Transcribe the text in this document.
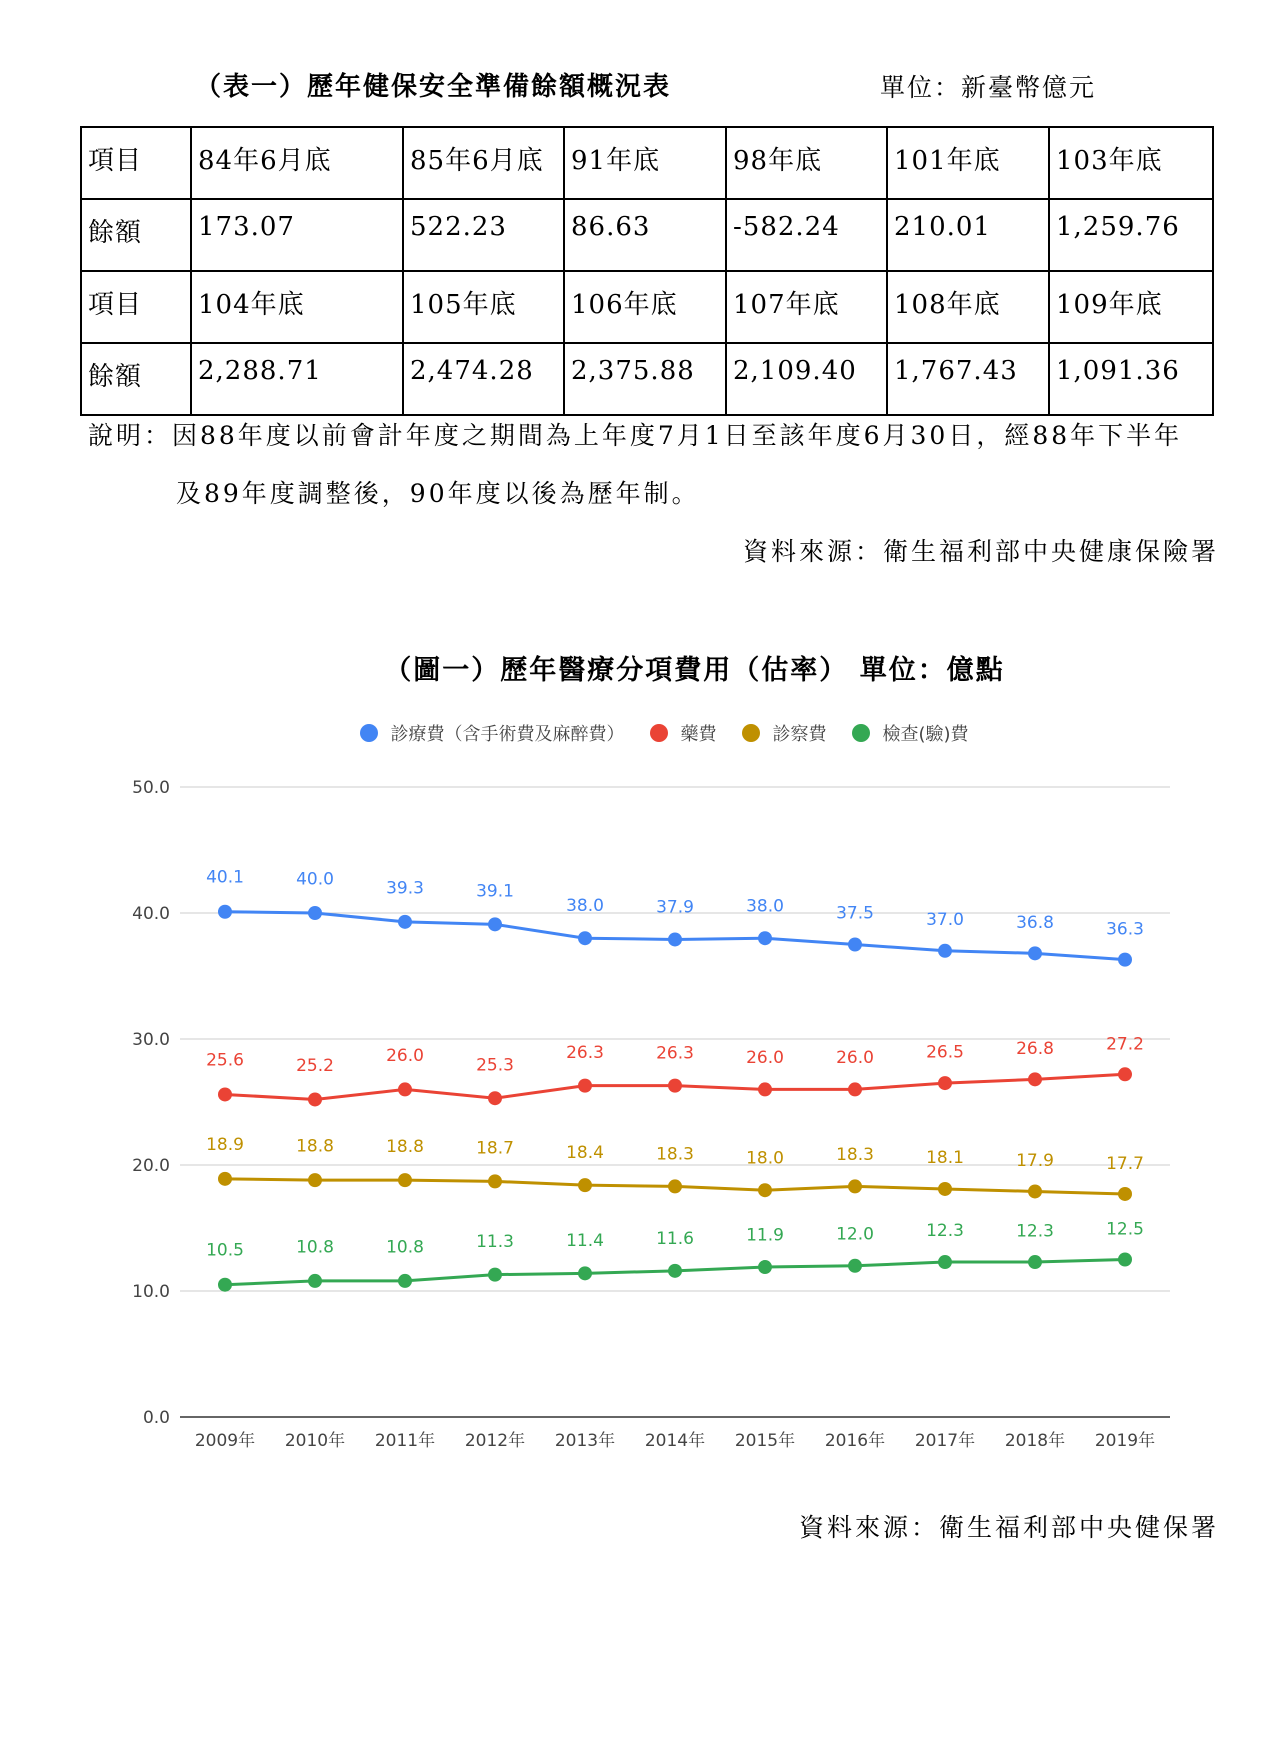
（表一）歷年健保安全準備餘額概況表	單位：新臺幣億元
項目	84年6月底	85年6月底	91年底	98年底	101年底	103年底
餘額	173.07	522.23	86.63	-582.24	210.01	1,259.76
項目	104年底	105年底	106年底	107年底	108年底	109年底
餘額	2,288.71	2,474.28	2,375.88	2,109.40	1,767.43	1,091.36
說明：因88年度以前會計年度之期間為上年度7月1日至該年度6月30日，經88年下半年
及89年度調整後，90年度以後為歷年制。
資料來源：衛生福利部中央健康保險署
（圖一）歷年醫療分項費用（估率） 單位：億點
診療費（含手術費及麻醉費）	藥費	診察費	檢查(驗)費
0.0
10.0
20.0
30.0
40.0
50.0
2009年 2010年 2011年 2012年 2013年 2014年 2015年 2016年 2017年 2018年 2019年
40.1	40.0	39.3	39.1
38.0	37.9	38.0	37.5	37.0	36.8	36.3
25.6	25.2	26.0	25.3
26.3	26.3	26.0	26.0	26.5	26.8	27.2
18.9	18.8	18.8	18.7	18.4	18.3	18.0	18.3	18.1	17.9	17.7
10.5	10.8	10.8	11.3	11.4	11.6	11.9	12.0	12.3	12.3	12.5
資料來源：衛生福利部中央健保署
